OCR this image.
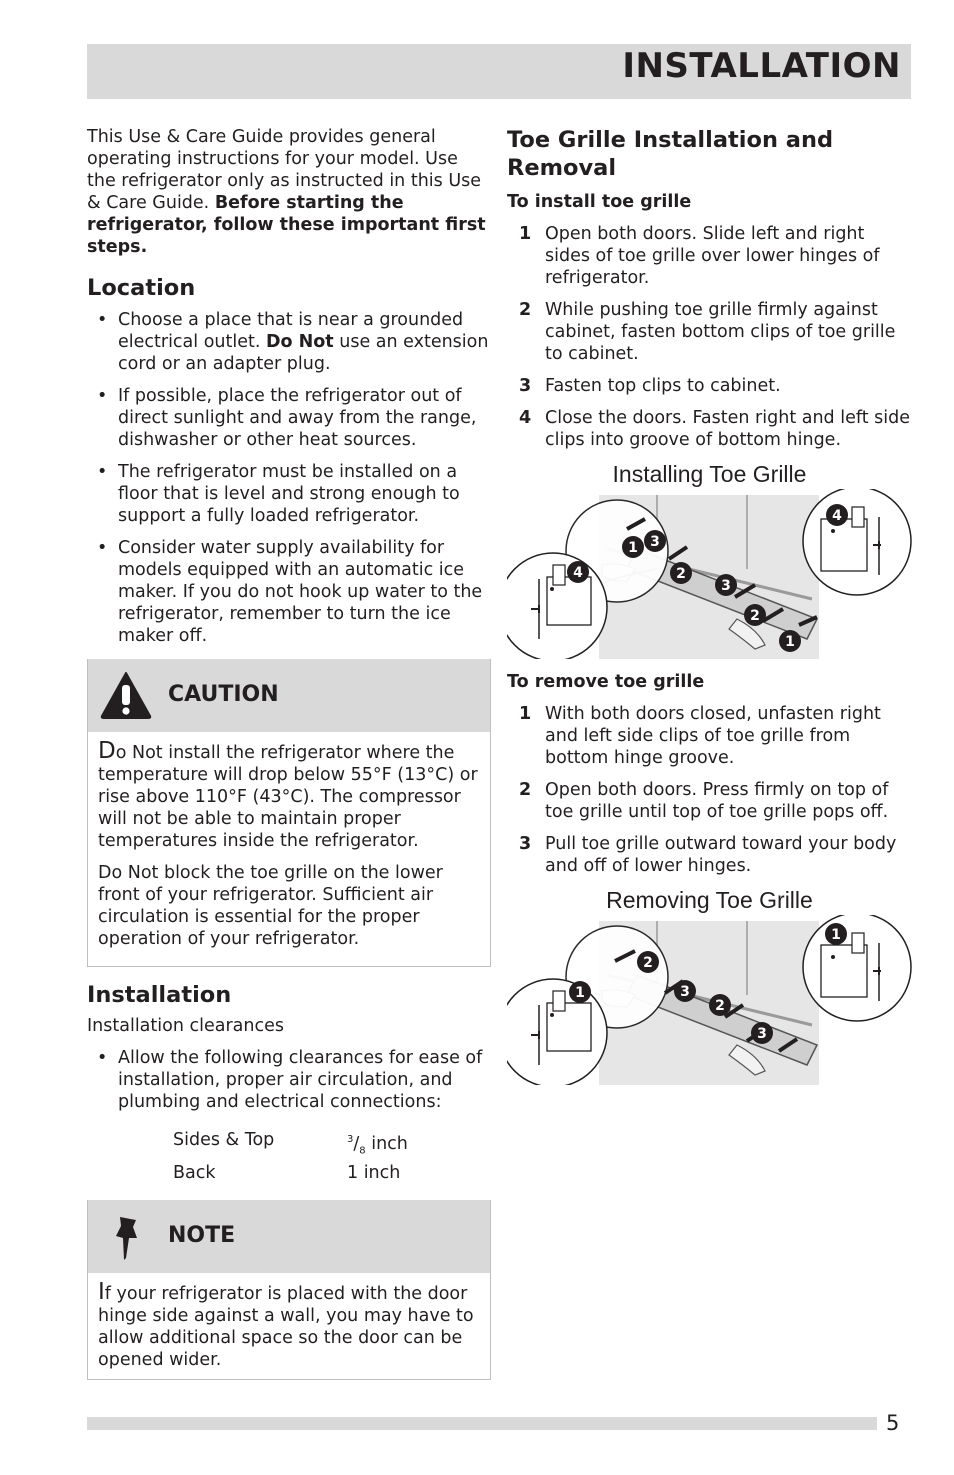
INSTALLATION

This Use & Care Guide provides general operating instructions for your model. Use the refrigerator only as instructed in this Use & Care Guide. Before starting the refrigerator, follow these important first steps.

Location
• Choose a place that is near a grounded electrical outlet. Do Not use an extension cord or an adapter plug.
• If possible, place the refrigerator out of direct sunlight and away from the range, dishwasher or other heat sources.
• The refrigerator must be installed on a floor that is level and strong enough to support a fully loaded refrigerator.
• Consider water supply availability for models equipped with an automatic ice maker. If you do not hook up water to the refrigerator, remember to turn the ice maker off.
CAUTION

Do Not install the refrigerator where the temperature will drop below 55°F (13°C) or rise above 110°F (43°C). The compressor will not be able to maintain proper temperatures inside the refrigerator.

Do Not block the toe grille on the lower front of your refrigerator. Sufficient air circulation is essential for the proper operation of your refrigerator.

Installation

Installation clearances

• Allow the following clearances for ease of installation, proper air circulation, and plumbing and electrical connections:
Sides & Top	$^3/_8$ inch
Back	1 inch
NOTE

If your refrigerator is placed with the door hinge side against a wall, you may have to allow additional space so the door can be opened wider.

Toe Grille Installation and Removal
To install toe grille
1 Open both doors. Slide left and right sides of toe grille over lower hinges of refrigerator.
2 While pushing toe grille firmly against cabinet, fasten bottom clips of toe grille to cabinet.
3 Fasten top clips to cabinet.
4 Close the doors. Fasten right and left side clips into groove of bottom hinge.
Installing Toe Grille
4
1 3
2
3
2
1
4
To remove toe grille
1 With both doors closed, unfasten right and left side clips of toe grille from bottom hinge groove.
2 Open both doors. Press firmly on top of toe grille until top of toe grille pops off.
3 Pull toe grille outward toward your body and off of lower hinges.
Removing Toe Grille
1
2
3
2
3
1
5
